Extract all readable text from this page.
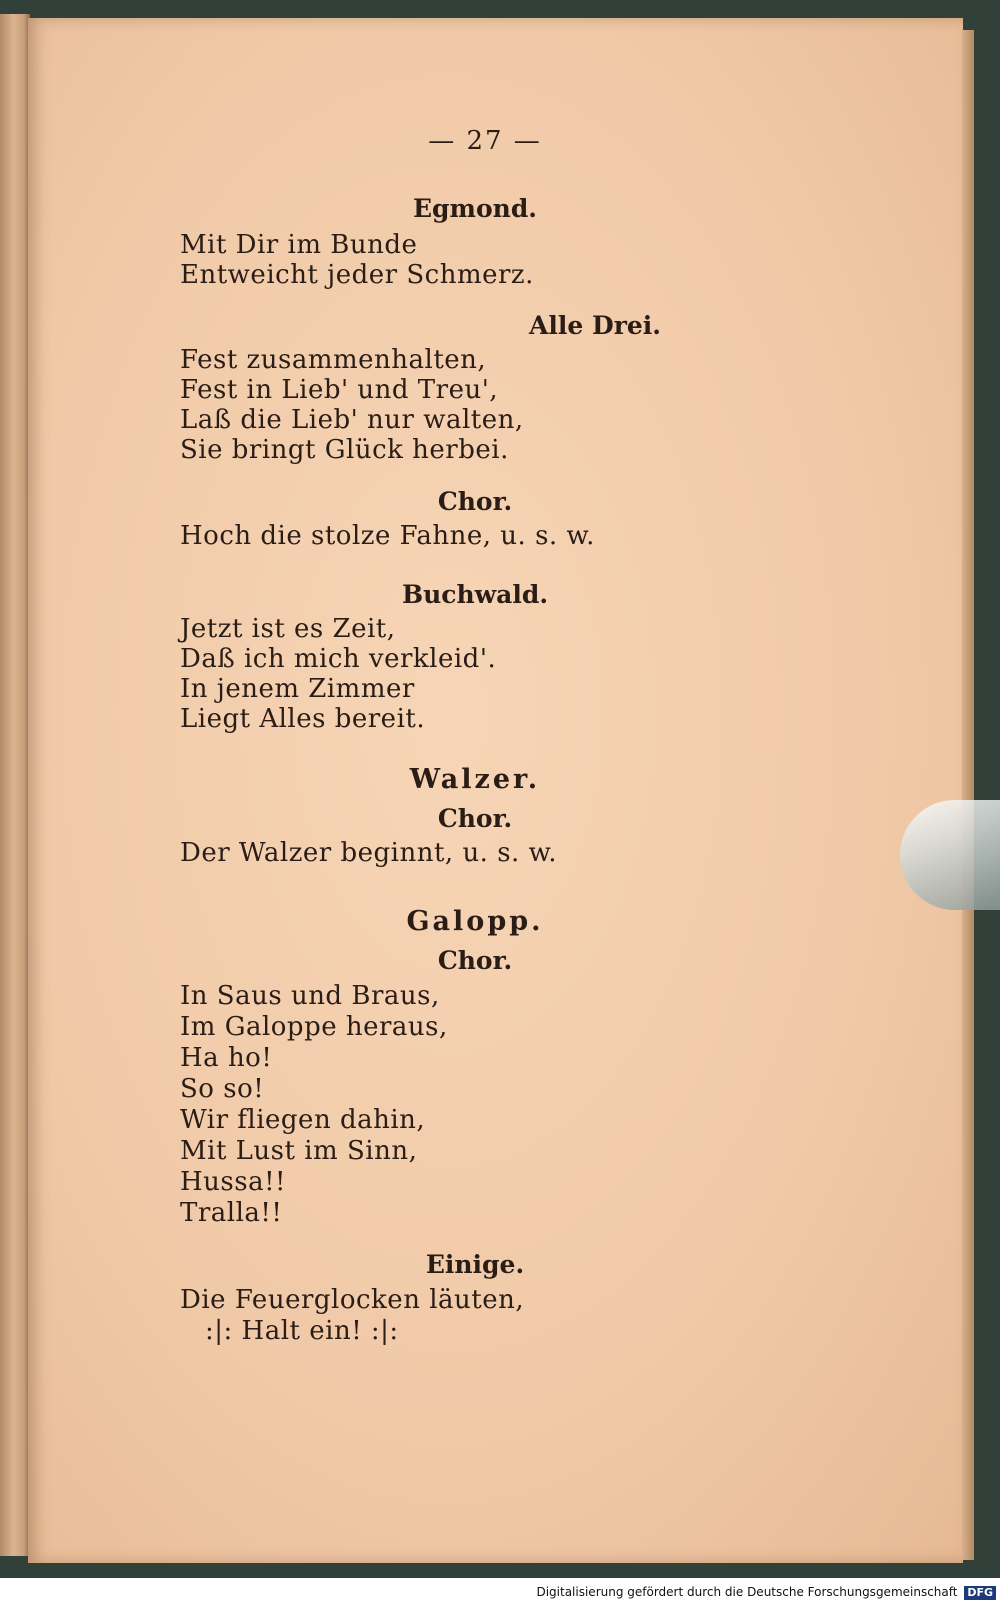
— 27 —
Egmond.
Mit Dir im Bunde
Entweicht jeder Schmerz.
Alle Drei.
Fest zusammenhalten,
Fest in Lieb' und Treu',
Laß die Lieb' nur walten,
Sie bringt Glück herbei.
Chor.
Hoch die stolze Fahne, u. s. w.
Buchwald.
Jetzt ist es Zeit,
Daß ich mich verkleid'.
In jenem Zimmer
Liegt Alles bereit.
Walzer.
Chor.
Der Walzer beginnt, u. s. w.
Galopp.
Chor.
In Saus und Braus,
Im Galoppe heraus,
Ha ho!
So so!
Wir fliegen dahin,
Mit Lust im Sinn,
Hussa!!
Tralla!!
Einige.
Die Feuerglocken läuten,
:|: Halt ein! :|:
Digitalisierung gefördert durch die Deutsche Forschungsgemeinschaft DFG
